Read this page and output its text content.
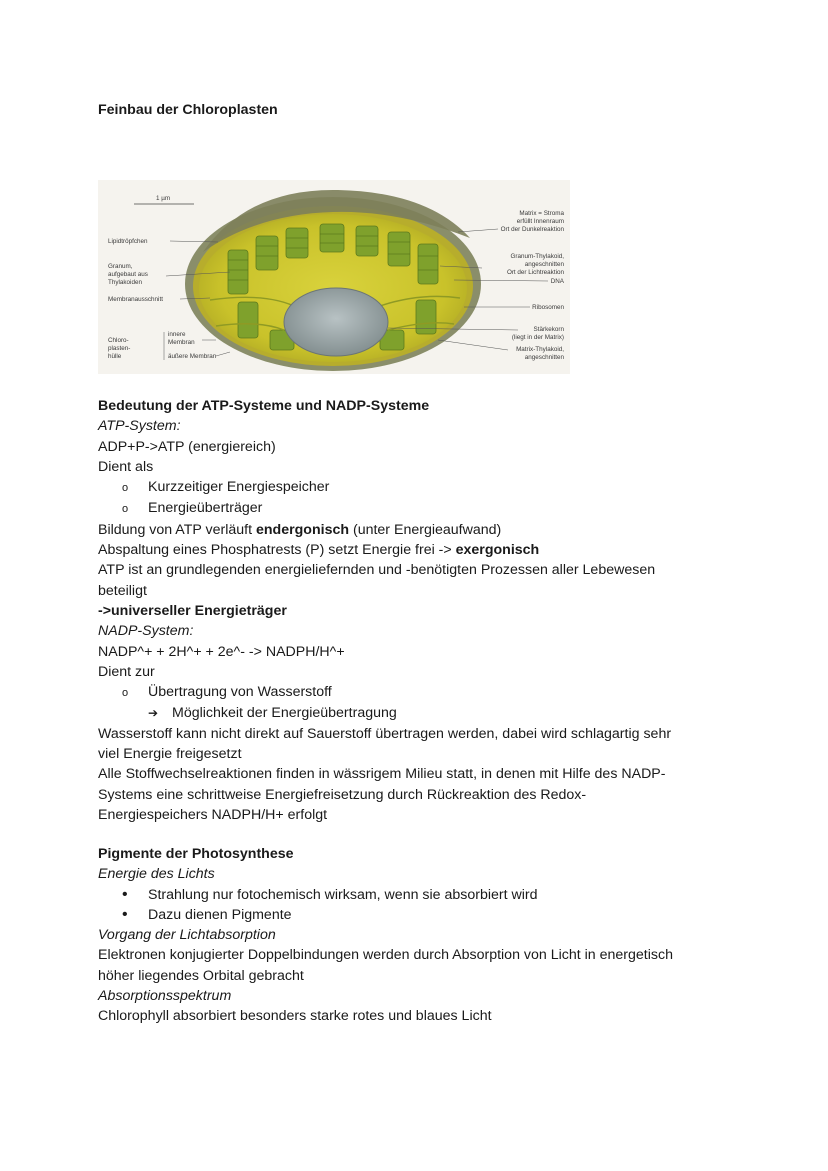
Feinbau der Chloroplasten
1 µm
Lipidtröpfchen
Granum,
aufgebaut aus
Thylakoiden
Membranausschnitt
Chloro-
plasten-
hülle
innere
Membran
äußere Membran
Matrix = Stroma
erfüllt Innenraum
Ort der Dunkelreaktion
Granum-Thylakoid,
angeschnitten
Ort der Lichtreaktion
DNA
Ribosomen
Stärkekorn
(liegt in der Matrix)
Matrix-Thylakoid,
angeschnitten
Bedeutung der ATP-Systeme und NADP-Systeme
ATP-System:
ADP+P->ATP (energiereich)
Dient als
o	Kurzzeitiger Energiespeicher
o	Energieüberträger
Bildung von ATP verläuft endergonisch (unter Energieaufwand)
Abspaltung eines Phosphatrests (P) setzt Energie frei -> exergonisch
ATP ist an grundlegenden energieliefernden und -benötigten Prozessen aller Lebewesen
beteiligt
->universeller Energieträger
NADP-System:
NADP^+ + 2H^+ + 2e^- -> NADPH/H^+
Dient zur
o	Übertragung von Wasserstoff
➔ Möglichkeit der Energieübertragung
Wasserstoff kann nicht direkt auf Sauerstoff übertragen werden, dabei wird schlagartig sehr
viel Energie freigesetzt
Alle Stoffwechselreaktionen finden in wässrigem Milieu statt, in denen mit Hilfe des NADP-
Systems eine schrittweise Energiefreisetzung durch Rückreaktion des Redox-
Energiespeichers NADPH/H+ erfolgt
Pigmente der Photosynthese
Energie des Lichts
•	Strahlung nur fotochemisch wirksam, wenn sie absorbiert wird
•	Dazu dienen Pigmente
Vorgang der Lichtabsorption
Elektronen konjugierter Doppelbindungen werden durch Absorption von Licht in energetisch
höher liegendes Orbital gebracht
Absorptionsspektrum
Chlorophyll absorbiert besonders starke rotes und blaues Licht
